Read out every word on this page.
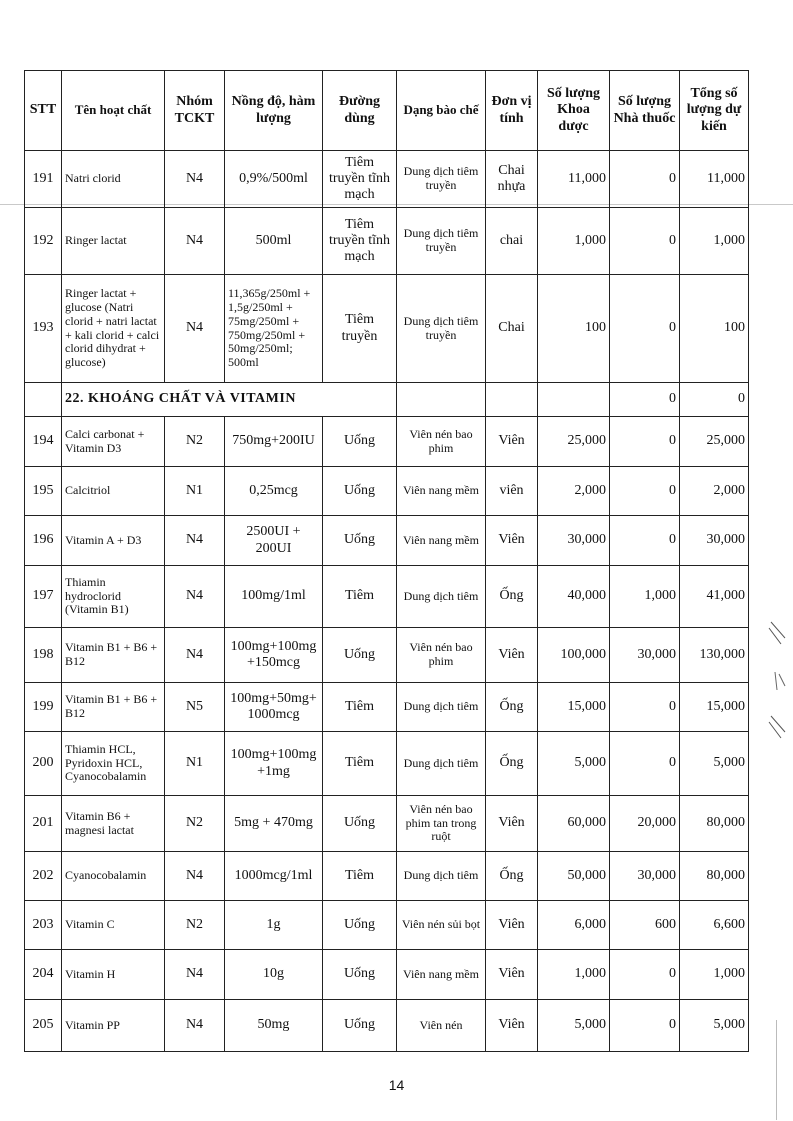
STT	Tên hoạt chất	Nhóm TCKT	Nồng độ, hàm lượng	Đường dùng	Dạng bào chế	Đơn vị tính	Số lượng Khoa dược	Số lượng Nhà thuốc	Tổng số lượng dự kiến
191	Natri clorid	N4	0,9%/500ml	Tiêm truyền tĩnh mạch	Dung dịch tiêm truyền	Chai nhựa	11,000	0	11,000
192	Ringer lactat	N4	500ml	Tiêm truyền tĩnh mạch	Dung dịch tiêm truyền	chai	1,000	0	1,000
193	Ringer lactat + glucose (Natri clorid + natri lactat + kali clorid + calci clorid dihydrat + glucose)	N4	11,365g/250ml + 1,5g/250ml + 75mg/250ml + 750mg/250ml + 50mg/250ml; 500ml	Tiêm truyền	Dung dịch tiêm truyền	Chai	100	0	100
	22. KHOÁNG CHẤT VÀ VITAMIN							0	0
194	Calci carbonat + Vitamin D3	N2	750mg+200IU	Uống	Viên nén bao phim	Viên	25,000	0	25,000
195	Calcitriol	N1	0,25mcg	Uống	Viên nang mềm	viên	2,000	0	2,000
196	Vitamin A + D3	N4	2500UI + 200UI	Uống	Viên nang mềm	Viên	30,000	0	30,000
197	Thiamin hydroclorid (Vitamin B1)	N4	100mg/1ml	Tiêm	Dung dịch tiêm	Ống	40,000	1,000	41,000
198	Vitamin B1 + B6 + B12	N4	100mg+100mg +150mcg	Uống	Viên nén bao phim	Viên	100,000	30,000	130,000
199	Vitamin B1 + B6 + B12	N5	100mg+50mg+ 1000mcg	Tiêm	Dung dịch tiêm	Ống	15,000	0	15,000
200	Thiamin HCL, Pyridoxin HCL, Cyanocobalamin	N1	100mg+100mg +1mg	Tiêm	Dung dịch tiêm	Ống	5,000	0	5,000
201	Vitamin B6 + magnesi lactat	N2	5mg + 470mg	Uống	Viên nén bao phim tan trong ruột	Viên	60,000	20,000	80,000
202	Cyanocobalamin	N4	1000mcg/1ml	Tiêm	Dung dịch tiêm	Ống	50,000	30,000	80,000
203	Vitamin C	N2	1g	Uống	Viên nén sủi bọt	Viên	6,000	600	6,600
204	Vitamin H	N4	10g	Uống	Viên nang mềm	Viên	1,000	0	1,000
205	Vitamin PP	N4	50mg	Uống	Viên nén	Viên	5,000	0	5,000
14
